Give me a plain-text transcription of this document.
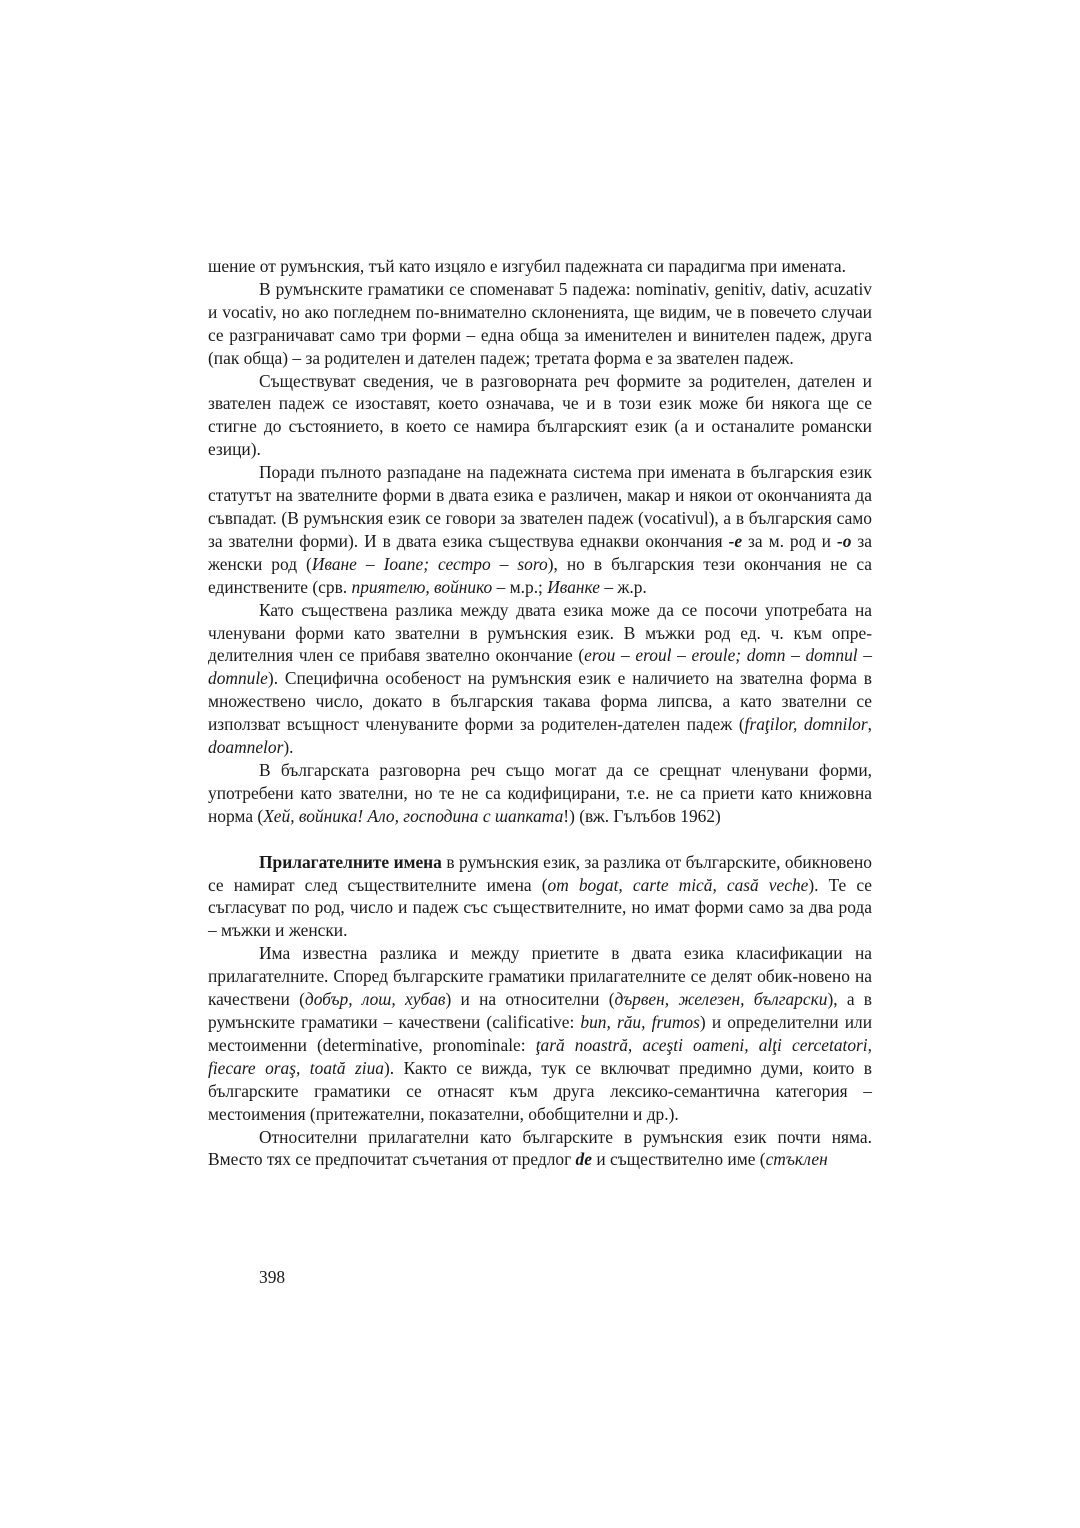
шение от румънския, тъй като изцяло е изгубил падежната си парадигма при имената.

В румънските граматики се споменават 5 падежа: nominativ, genitiv, dativ, acuzativ и vocativ, но ако погледнем по-внимателно склоненията, ще видим, че в повечето случаи се разграничават само три форми – една обща за именителен и винителен падеж, друга (пак обща) – за родителен и дателен падеж; третата форма е за звателен падеж.

Съществуват сведения, че в разговорната реч формите за родителен, дателен и звателен падеж се изоставят, което означава, че и в този език може би някога ще се стигне до състоянието, в което се намира българският език (а и останалите романски езици).

Поради пълното разпадане на падежната система при имената в българския език статутът на звателните форми в двата езика е различен, макар и някои от окончанията да съвпадат. (В румънския език се говори за звателен падеж (vocativul), а в българския само за звателни форми). И в двата езика съществува еднакви окончания -е за м. род и -о за женски род (Иване – Ioane; сестро – soro), но в българския тези окончания не са единствените (срв. приятелю, войнико – м.р.; Иванке – ж.р.

Като съществена разлика между двата езика може да се посочи употребата на членувани форми като звателни в румънския език. В мъжки род ед. ч. към опре-делителния член се прибавя звателно окончание (erou – eroul – eroule; domn – domnul – domnule). Специфична особеност на румънския език е наличието на звателна форма в множествено число, докато в българския такава форма липсва, а като звателни се използват всъщност членуваните форми за родителен-дателен падеж (fraţilor, domnilor, doamnelor).

В българската разговорна реч също могат да се срещнат членувани форми, употребени като звателни, но те не са кодифицирани, т.е. не са приети като книжовна норма (Хей, войника! Ало, господина с шапката!) (вж. Гълъбов 1962)

Прилагателните имена в румънския език, за разлика от българските, обикновено се намират след съществителните имена (om bogat, carte mică, casă veche). Те се съгласуват по род, число и падеж със съществителните, но имат форми само за два рода – мъжки и женски.

Има известна разлика и между приетите в двата езика класификации на прилагателните. Според българските граматики прилагателните се делят обик-новено на качествени (добър, лош, хубав) и на относителни (дървен, железен, български), а в румънските граматики – качествени (calificative: bun, rău, frumos) и определителни или местоименни (determinative, pronominale: ţară noastră, aceşti oameni, alţi cercetatori, fiecare oraş, toată ziua). Както се вижда, тук се включват предимно думи, които в българските граматики се отнасят към друга лексико-семантична категория – местоимения (притежателни, показателни, обобщителни и др.).

Относителни прилагателни като българските в румънския език почти няма. Вместо тях се предпочитат съчетания от предлог de и съществително име (стъклен

398
